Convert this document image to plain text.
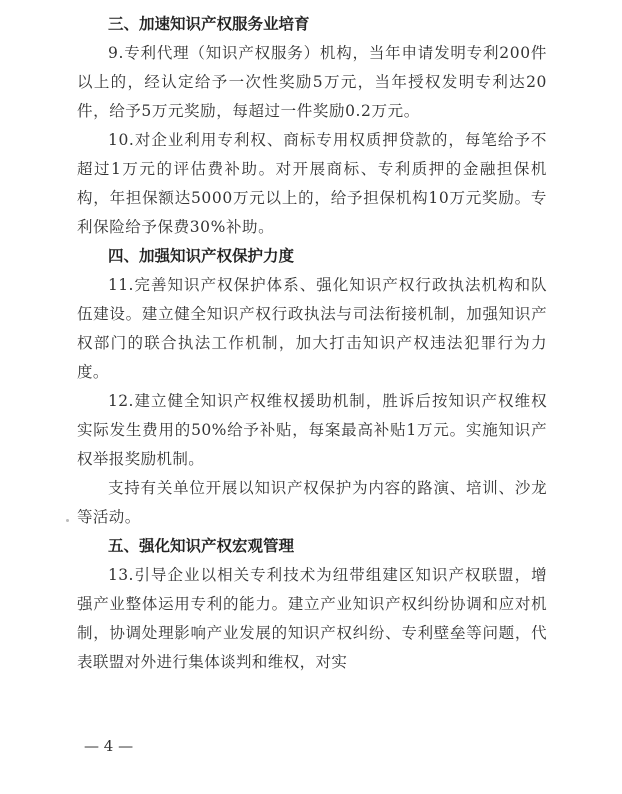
三、加速知识产权服务业培育

9.专利代理（知识产权服务）机构，当年申请发明专利200件以上的，经认定给予一次性奖励5万元，当年授权发明专利达20件，给予5万元奖励，每超过一件奖励0.2万元。

10.对企业利用专利权、商标专用权质押贷款的，每笔给予不超过1万元的评估费补助。对开展商标、专利质押的金融担保机构，年担保额达5000万元以上的，给予担保机构10万元奖励。专利保险给予保费30%补助。

四、加强知识产权保护力度

11.完善知识产权保护体系、强化知识产权行政执法机构和队伍建设。建立健全知识产权行政执法与司法衔接机制，加强知识产权部门的联合执法工作机制，加大打击知识产权违法犯罪行为力度。

12.建立健全知识产权维权援助机制，胜诉后按知识产权维权实际发生费用的50%给予补贴，每案最高补贴1万元。实施知识产权举报奖励机制。

支持有关单位开展以知识产权保护为内容的路演、培训、沙龙等活动。

五、强化知识产权宏观管理

13.引导企业以相关专利技术为纽带组建区知识产权联盟，增强产业整体运用专利的能力。建立产业知识产权纠纷协调和应对机制，协调处理影响产业发展的知识产权纠纷、专利壁垒等问题，代表联盟对外进行集体谈判和维权，对实

— 4 —
